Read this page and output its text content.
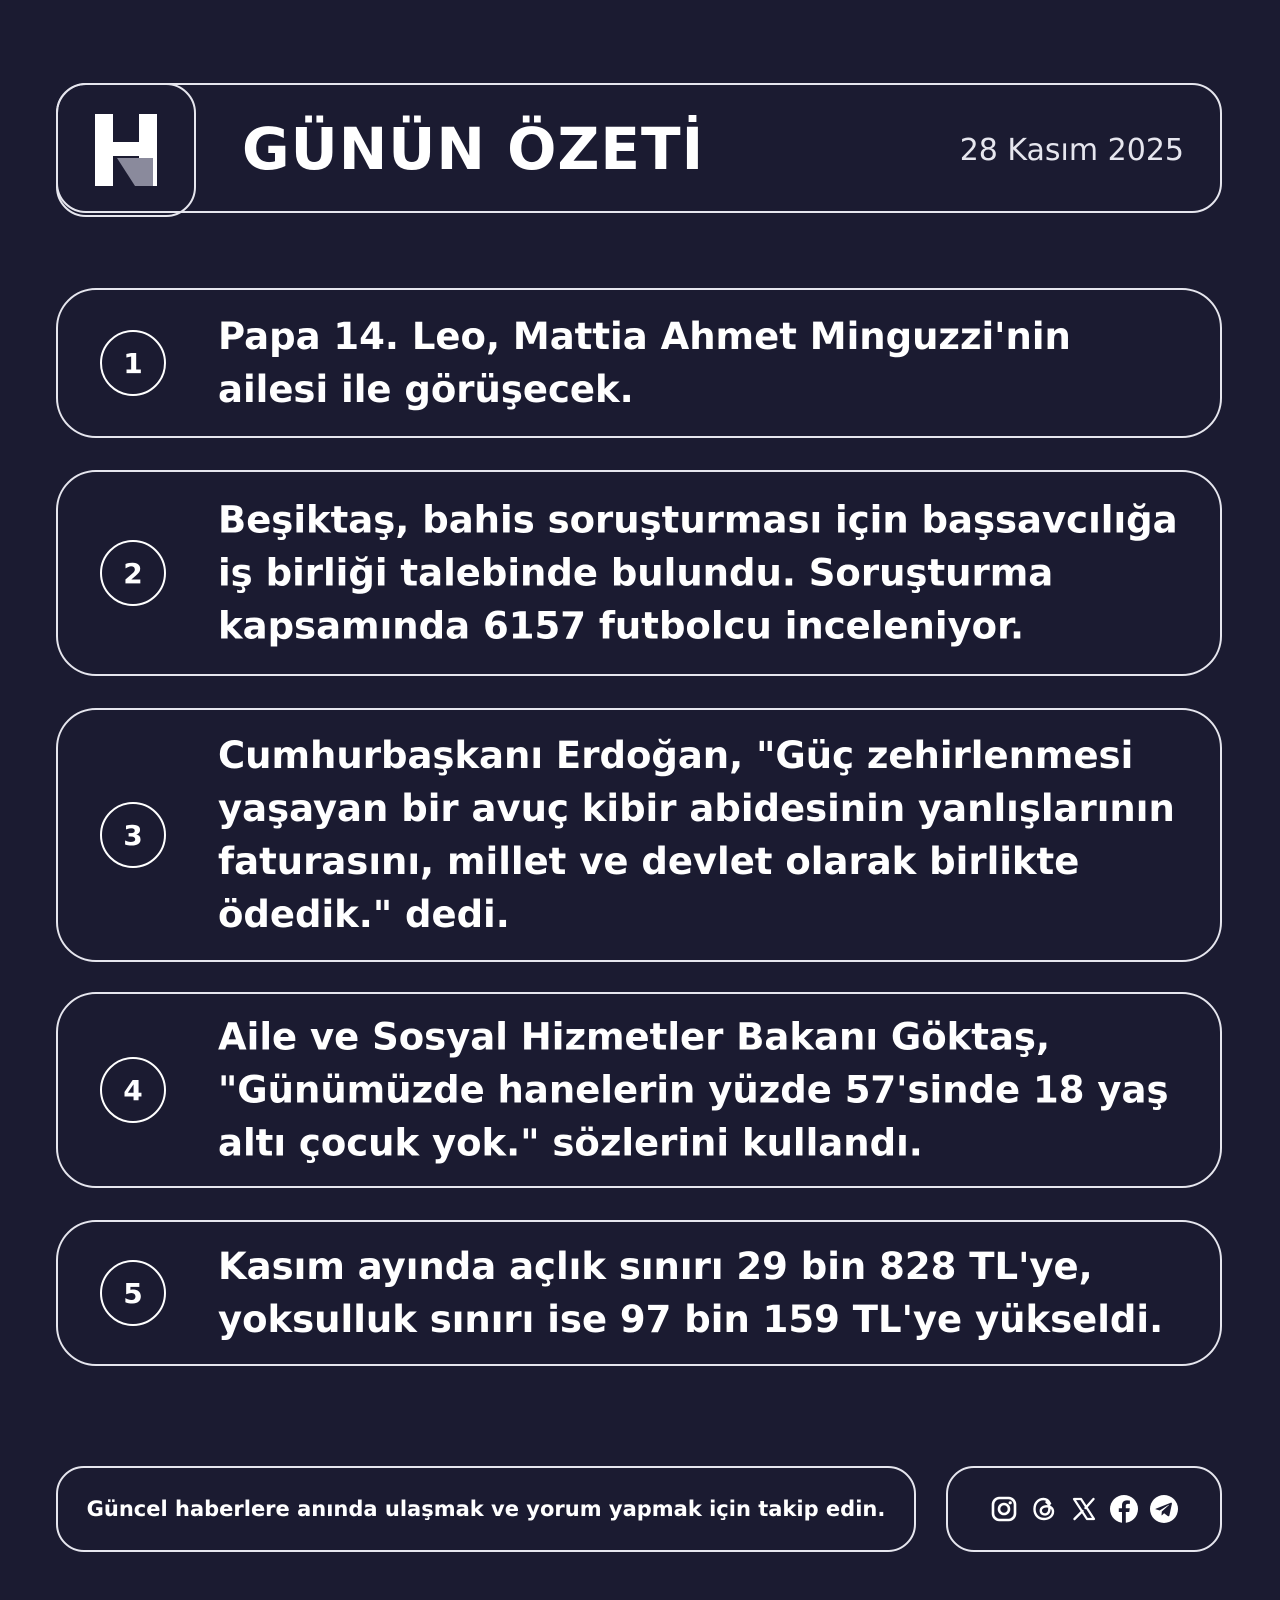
GÜNÜN ÖZETİ	28 Kasım 2025
1
Papa 14. Leo, Mattia Ahmet Minguzzi'nin ailesi ile görüşecek.
2
Beşiktaş, bahis soruşturması için başsavcılığa iş birliği talebinde bulundu. Soruşturma kapsamında 6157 futbolcu inceleniyor.
3
Cumhurbaşkanı Erdoğan, "Güç zehirlenmesi yaşayan bir avuç kibir abidesinin yanlışlarının faturasını, millet ve devlet olarak birlikte ödedik." dedi.
4
Aile ve Sosyal Hizmetler Bakanı Göktaş, "Günümüzde hanelerin yüzde 57'sinde 18 yaş altı çocuk yok." sözlerini kullandı.
5
Kasım ayında açlık sınırı 29 bin 828 TL'ye, yoksulluk sınırı ise 97 bin 159 TL'ye yükseldi.
Güncel haberlere anında ulaşmak ve yorum yapmak için takip edin.
